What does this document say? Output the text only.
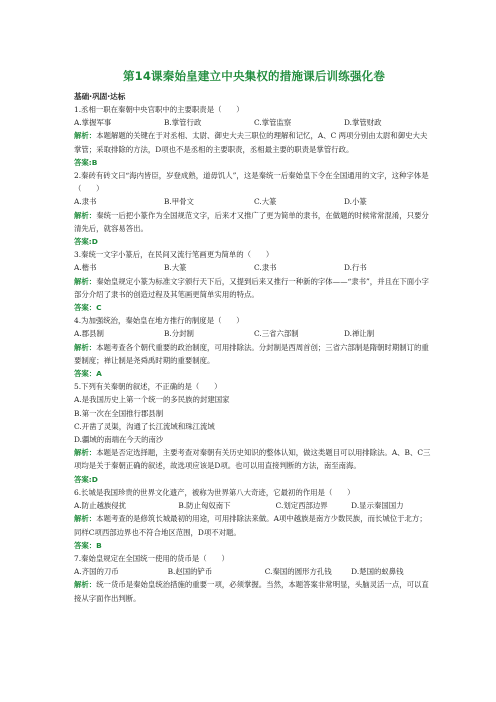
第14课秦始皇建立中央集权的措施课后训练强化卷
基础·巩固·达标
1.丞相一职在秦朝中央官职中的主要职责是（　　）
A.掌握军事	B.掌管行政	C.掌管监察	D.掌管财政
解析：本题解题的关键在于对丞相、太尉、御史大夫三职位的理解和记忆，A、C 两项分别由太尉和御史大夫掌管；采取排除的方法，D项也不是丞相的主要职责，丞相最主要的职责是掌管行政。
答案:B
2.秦砖有砖文曰“海内皆臣，岁登成熟，道毋饥人”，这是秦统一后秦始皇下令在全国通用的文字，这种字体是（　　）
A.隶书	B.甲骨文	C.大篆	D.小篆
解析：秦统一后把小篆作为全国规范文字，后来才又推广了更为简单的隶书，在做题的时候常常混淆，只要分清先后，就容易答出。
答案:D
3.秦统一文字小篆后，在民间又流行笔画更为简单的（　　）
A.楷书	B.大篆	C.隶书	D.行书
解析：秦始皇规定小篆为标准文字颁行天下后，又提到后来又推行一种新的字体——“隶书”，并且在下面小字部分介绍了隶书的创造过程及其笔画更简单实用的特点。
答案：C
4.为加强统治，秦始皇在地方推行的制度是（　　）
A.郡县制	B.分封制	C.三省六部制	D.禅让制
解析：本题考查各个朝代重要的政治制度，可用排除法。分封制是西周首创；三省六部制是隋朝时期制订的重要制度；禅让制是尧舜禹时期的重要制度。
答案：A
5.下列有关秦朝的叙述，不正确的是（　　）
A.是我国历史上第一个统一的多民族的封建国家
B.第一次在全国推行郡县制
C.开凿了灵渠，沟通了长江流域和珠江流域
D.疆域的南端在今天的南沙
解析：本题是否定选择题，主要考查对秦朝有关历史知识的整体认知，做这类题目可以用排除法。A、B、C三项均是关于秦朝正确的叙述，故选项应该是D项。也可以用直接判断的方法，南至南海。
答案:D
6.长城是我国珍贵的世界文化遗产，被称为世界第八大奇迹，它最初的作用是（　　）
A.防止越族侵扰	B.防止匈奴南下	C.划定西部边界	D.显示秦国国力
解析：本题考查的是修筑长城最初的用途，可用排除法来做。A项中越族是南方少数民族，而长城位于北方；同样C项西部边界也不符合地区范围，D项不对题。
答案：B
7.秦始皇规定在全国统一使用的货币是（　　）
A.齐国的刀币	B.赵国的铲币	C.秦国的圆形方孔钱	D.楚国的蚁鼻钱
解析：统一货币是秦始皇统治措施的重要一项，必须掌握。当然，本题答案非常明显，头脑灵活一点，可以直接从字面作出判断。
